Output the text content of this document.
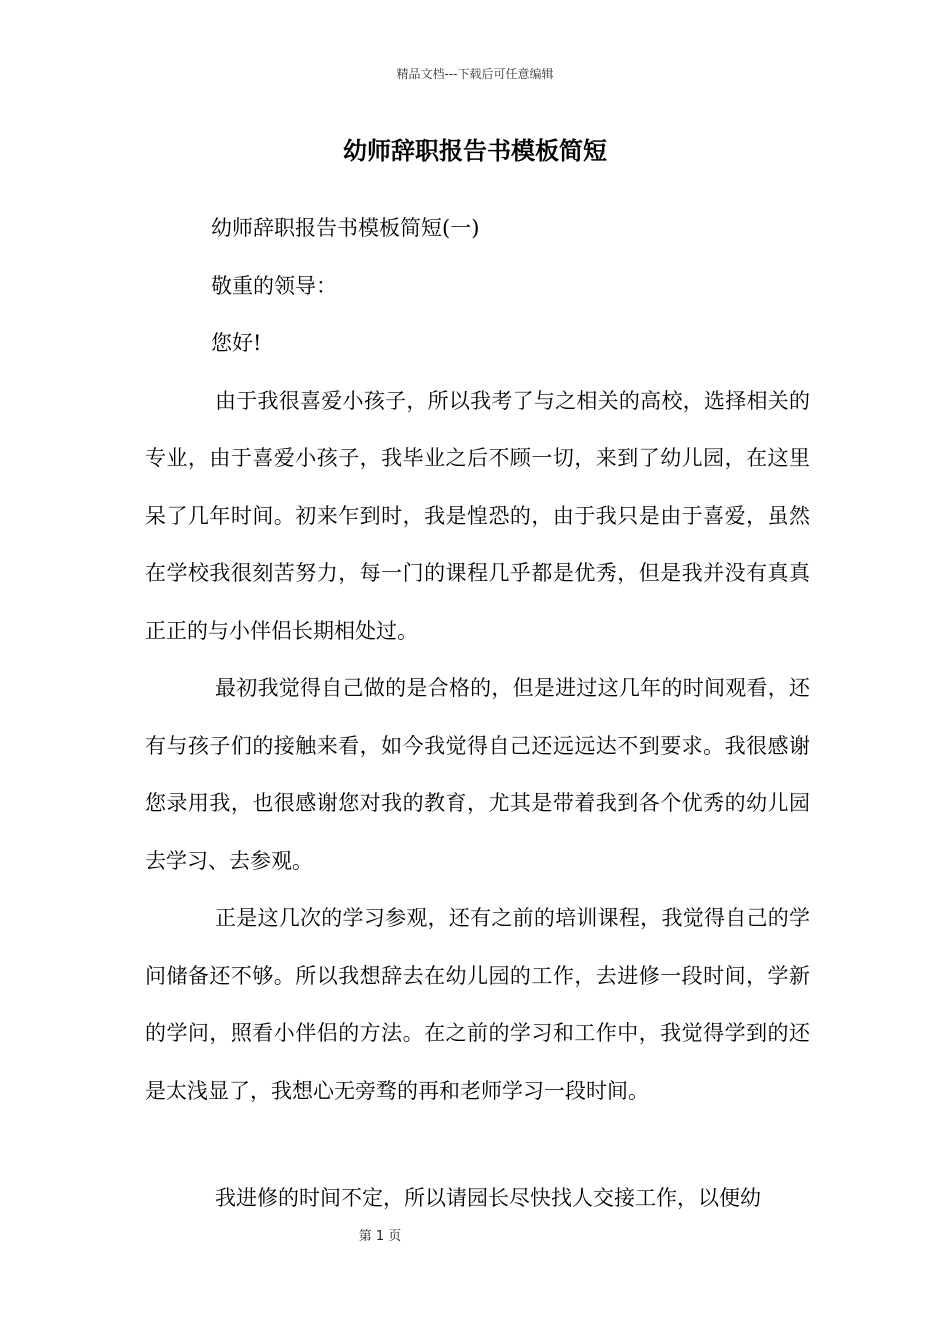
精品文档---下载后可任意编辑
幼师辞职报告书模板简短

幼师辞职报告书模板简短(一)

敬重的领导：

您好!

由于我很喜爱小孩子，所以我考了与之相关的高校，选择相关的专业，由于喜爱小孩子，我毕业之后不顾一切，来到了幼儿园，在这里呆了几年时间。初来乍到时，我是惶恐的，由于我只是由于喜爱，虽然在学校我很刻苦努力，每一门的课程几乎都是优秀，但是我并没有真真正正的与小伴侣长期相处过。

最初我觉得自己做的是合格的，但是进过这几年的时间观看，还有与孩子们的接触来看，如今我觉得自己还远远达不到要求。我很感谢您录用我，也很感谢您对我的教育，尤其是带着我到各个优秀的幼儿园去学习、去参观。

正是这几次的学习参观，还有之前的培训课程，我觉得自己的学问储备还不够。所以我想辞去在幼儿园的工作，去进修一段时间，学新的学问，照看小伴侣的方法。在之前的学习和工作中，我觉得学到的还是太浅显了，我想心无旁骛的再和老师学习一段时间。

我进修的时间不定，所以请园长尽快找人交接工作，以便幼

第 1 页
